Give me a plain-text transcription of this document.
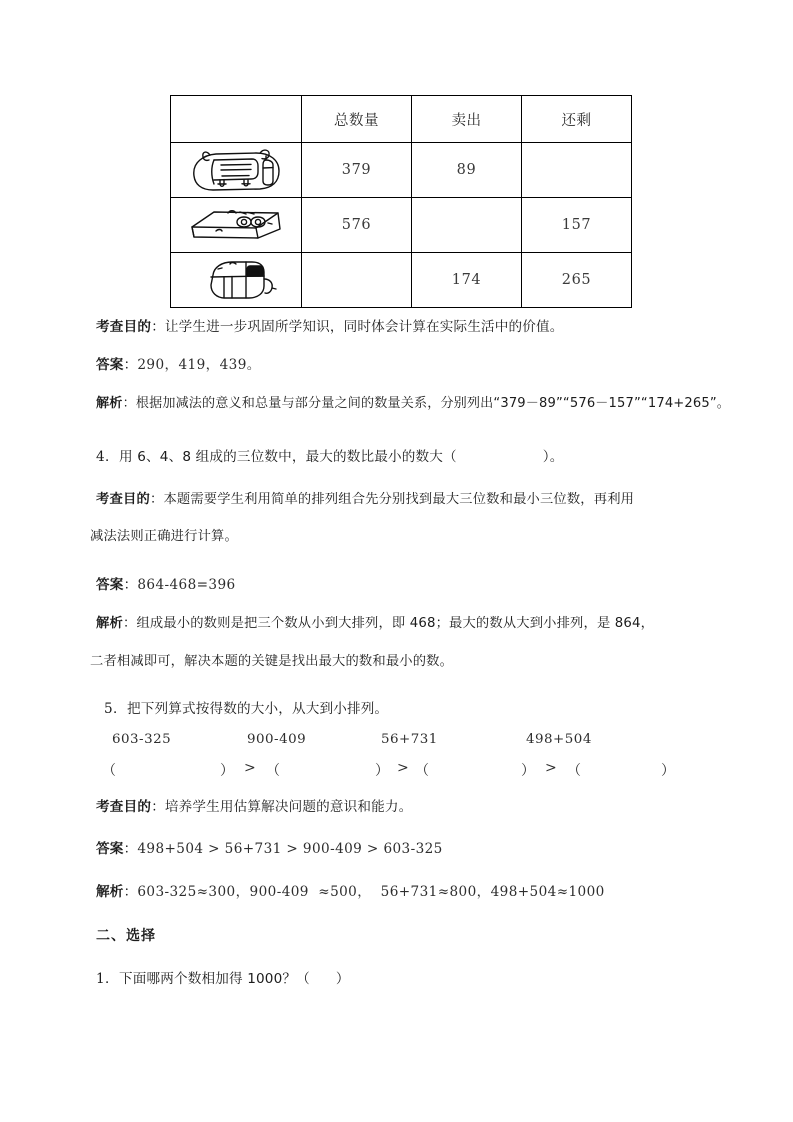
	总数量	卖出	还剩

	379	89	

	576		157

		174	265
考查目的：让学生进一步巩固所学知识，同时体会计算在实际生活中的价值。
答案：290，419，439。
解析：根据加减法的意义和总量与部分量之间的数量关系，分别列出“379－89”“576－157”“174+265”。
4．用 6、4、8 组成的三位数中，最大的数比最小的数大（	）。
考查目的：本题需要学生利用简单的排列组合先分别找到最大三位数和最小三位数，再利用
减法法则正确进行计算。
答案：864-468=396
解析：组成最小的数则是把三个数从小到大排列，即 468；最大的数从大到小排列，是 864，
二者相减即可，解决本题的关键是找出最大的数和最小的数。
5．把下列算式按得数的大小，从大到小排列。
603-325	900-409	56+731	498+504
（	） > （	） > （	） > （	）
考查目的：培养学生用估算解决问题的意识和能力。
答案：498+504 > 56+731 > 900-409 > 603-325
解析：603-325≈300，900-409  ≈500，  56+731≈800，498+504≈1000
二、选择
1．下面哪两个数相加得 1000？（ ）
